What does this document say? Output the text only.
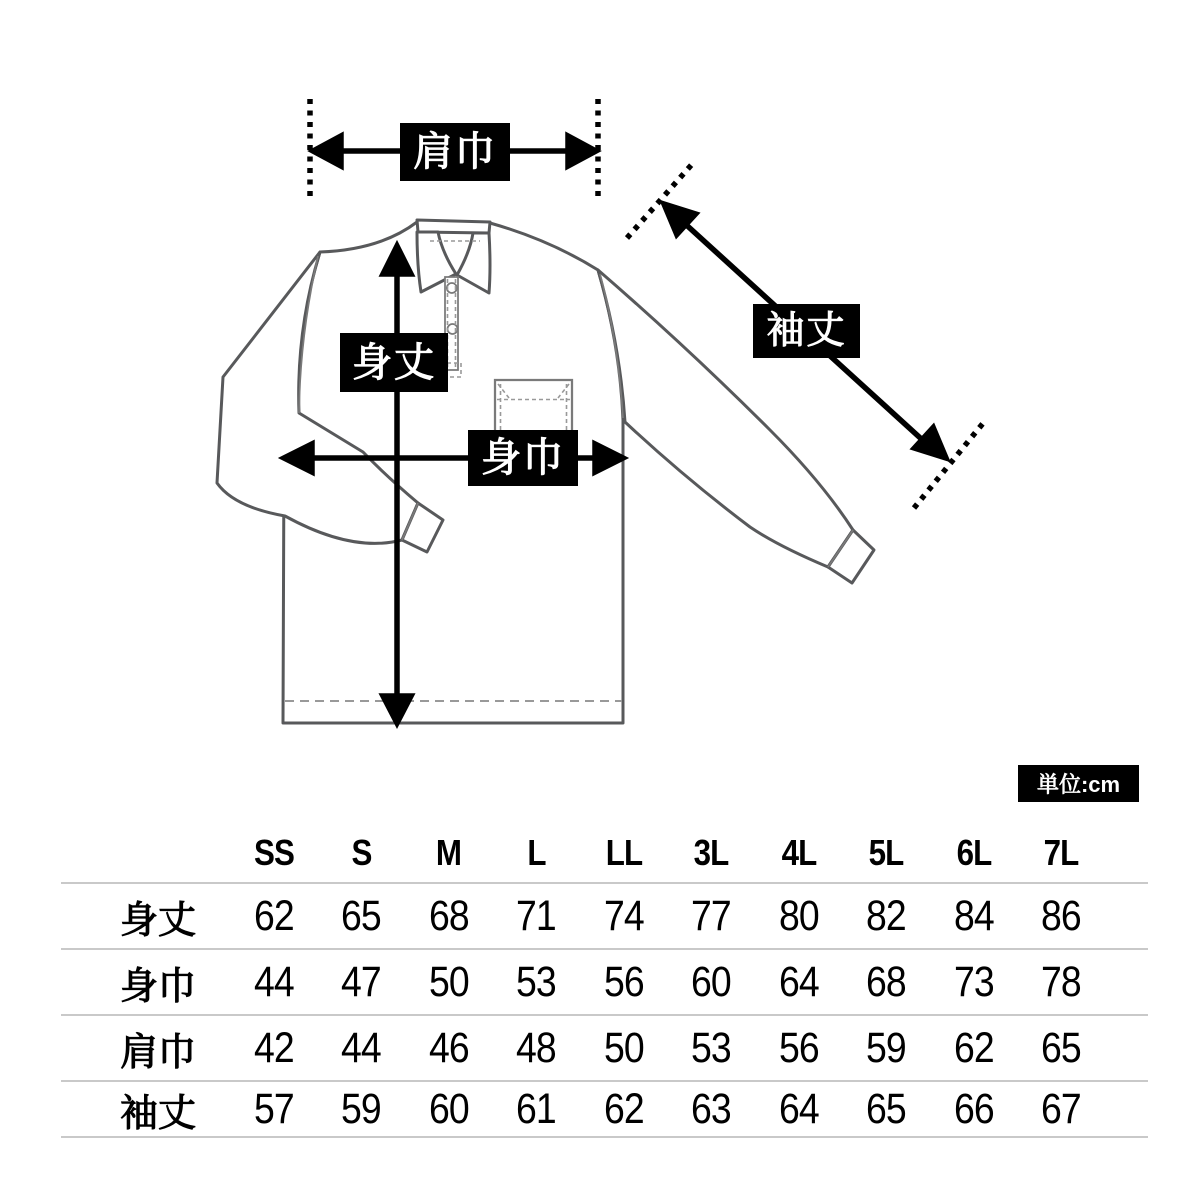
肩巾
身丈
身巾
袖丈
単位:cm
SS	S	M	L	LL	3L	4L	5L	6L	7L
身丈	62	65	68	71	74	77	80	82	84	86
身巾	44	47	50	53	56	60	64	68	73	78
肩巾	42	44	46	48	50	53	56	59	62	65
袖丈	57	59	60	61	62	63	64	65	66	67
